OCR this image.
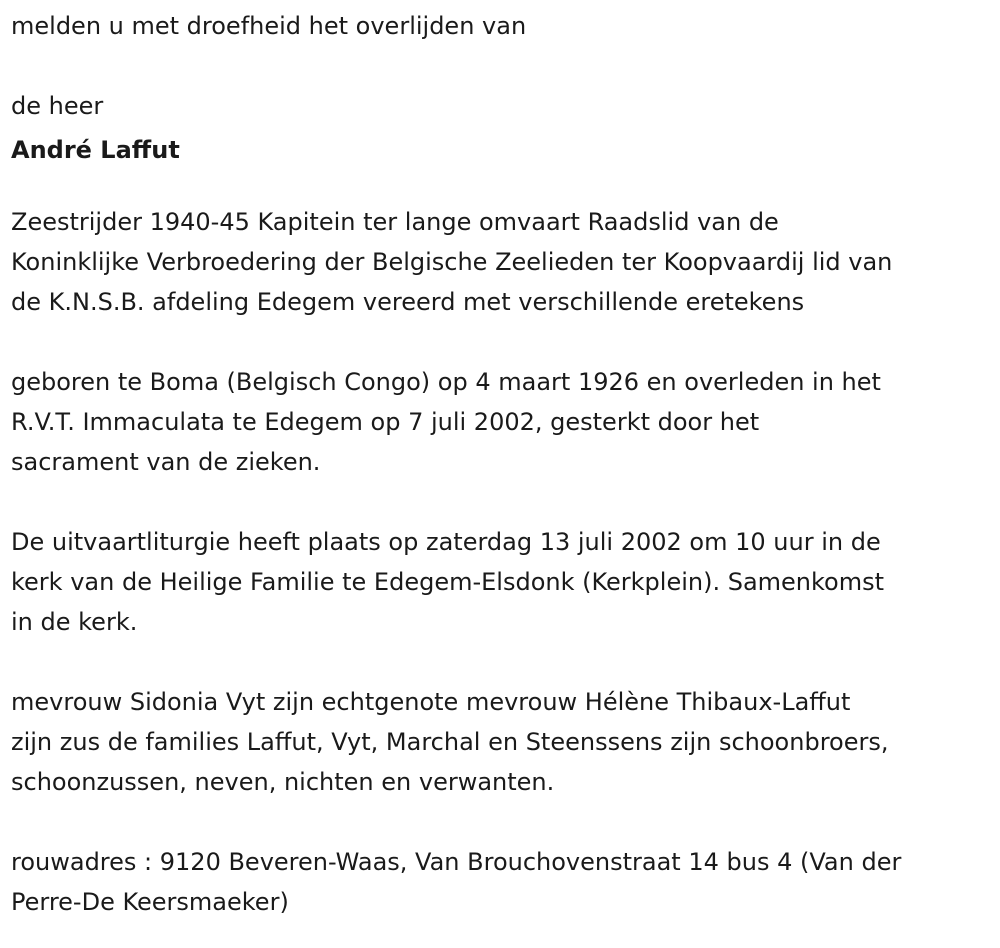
melden u met droefheid het overlijden van

de heer

André Laffut

Zeestrijder 1940-45 Kapitein ter lange omvaart Raadslid van de
Koninklijke Verbroedering der Belgische Zeelieden ter Koopvaardij lid van
de K.N.S.B. afdeling Edegem vereerd met verschillende eretekens

geboren te Boma (Belgisch Congo) op 4 maart 1926 en overleden in het
R.V.T. Immaculata te Edegem op 7 juli 2002, gesterkt door het
sacrament van de zieken.

De uitvaartliturgie heeft plaats op zaterdag 13 juli 2002 om 10 uur in de
kerk van de Heilige Familie te Edegem-Elsdonk (Kerkplein). Samenkomst
in de kerk.

mevrouw Sidonia Vyt zijn echtgenote mevrouw Hélène Thibaux-Laffut
zijn zus de families Laffut, Vyt, Marchal en Steenssens zijn schoonbroers,
schoonzussen, neven, nichten en verwanten.

rouwadres : 9120 Beveren-Waas, Van Brouchovenstraat 14 bus 4 (Van der
Perre-De Keersmaeker)
